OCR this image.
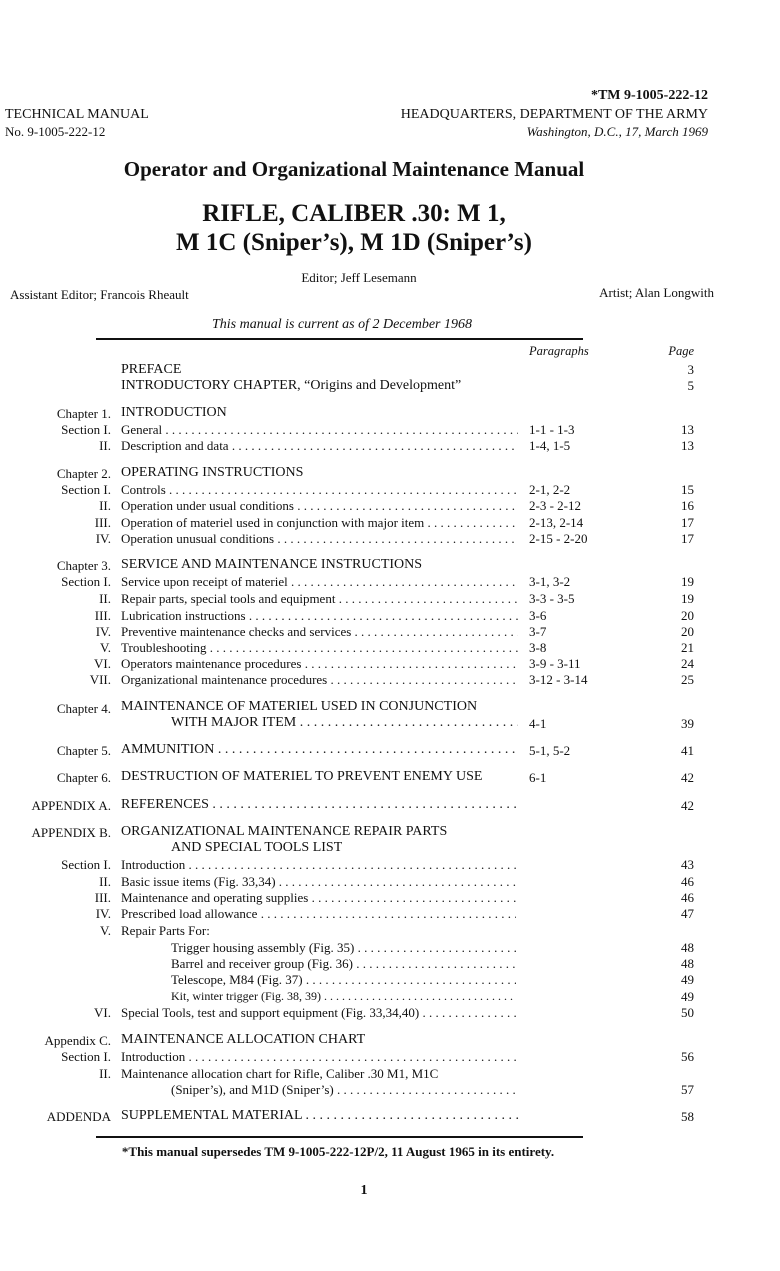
*TM 9-1005-222-12
TECHNICAL MANUAL
No. 9-1005-222-12
HEADQUARTERS, DEPARTMENT OF THE ARMY
Washington, D.C., 17, March 1969
Operator and Organizational Maintenance Manual
RIFLE, CALIBER .30: M 1,
M 1C (Sniper’s), M 1D (Sniper’s)
Editor; Jeff Lesemann
Assistant Editor; Francois Rheault	Artist; Alan Longwith
This manual is current as of 2 December 1968
Paragraphs	Page
PREFACE	3
INTRODUCTORY CHAPTER, “Origins and Development”	5
Chapter 1. INTRODUCTION
Section I. General . . .	1-1 - 1-3	13
II. Description and data . . .	1-4, 1-5	13
Chapter 2. OPERATING INSTRUCTIONS
Section I. Controls . . .	2-1, 2-2	15
II. Operation under usual conditions . . .	2-3 - 2-12	16
III. Operation of materiel used in conjunction with major item . . .	2-13, 2-14	17
IV. Operation unusual conditions . . .	2-15 - 2-20	17
Chapter 3. SERVICE AND MAINTENANCE INSTRUCTIONS
Section I. Service upon receipt of materiel . . .	3-1, 3-2	19
II. Repair parts, special tools and equipment . . .	3-3 - 3-5	19
III. Lubrication instructions . . .	3-6	20
IV. Preventive maintenance checks and services . . .	3-7	20
V. Troubleshooting . . .	3-8	21
VI. Operators maintenance procedures . . .	3-9 - 3-11	24
VII. Organizational maintenance procedures . . .	3-12 - 3-14	25
Chapter 4. MAINTENANCE OF MATERIEL USED IN CONJUNCTION
WITH MAJOR ITEM . . .	4-1	39
Chapter 5. AMMUNITION . . .	5-1, 5-2	41
Chapter 6. DESTRUCTION OF MATERIEL TO PREVENT ENEMY USE	6-1	42
APPENDIX A. REFERENCES . . .	42
APPENDIX B. ORGANIZATIONAL MAINTENANCE REPAIR PARTS
AND SPECIAL TOOLS LIST
Section I. Introduction . . .	43
II. Basic issue items (Fig. 33,34) . . .	46
III. Maintenance and operating supplies . . .	46
IV. Prescribed load allowance . . .	47
V. Repair Parts For:
Trigger housing assembly (Fig. 35) . . .	48
Barrel and receiver group (Fig. 36) . . .	48
Telescope, M84 (Fig. 37) . . .	49
Kit, winter trigger (Fig. 38, 39) . . .	49
VI. Special Tools, test and support equipment (Fig. 33,34,40) . . .	50
Appendix C. MAINTENANCE ALLOCATION CHART
Section I. Introduction . . .	56
II. Maintenance allocation chart for Rifle, Caliber .30 M1, M1C
(Sniper’s), and M1D (Sniper’s) . . .	57
ADDENDA SUPPLEMENTAL MATERIAL . . .	58
*This manual supersedes TM 9-1005-222-12P/2, 11 August 1965 in its entirety.
1
